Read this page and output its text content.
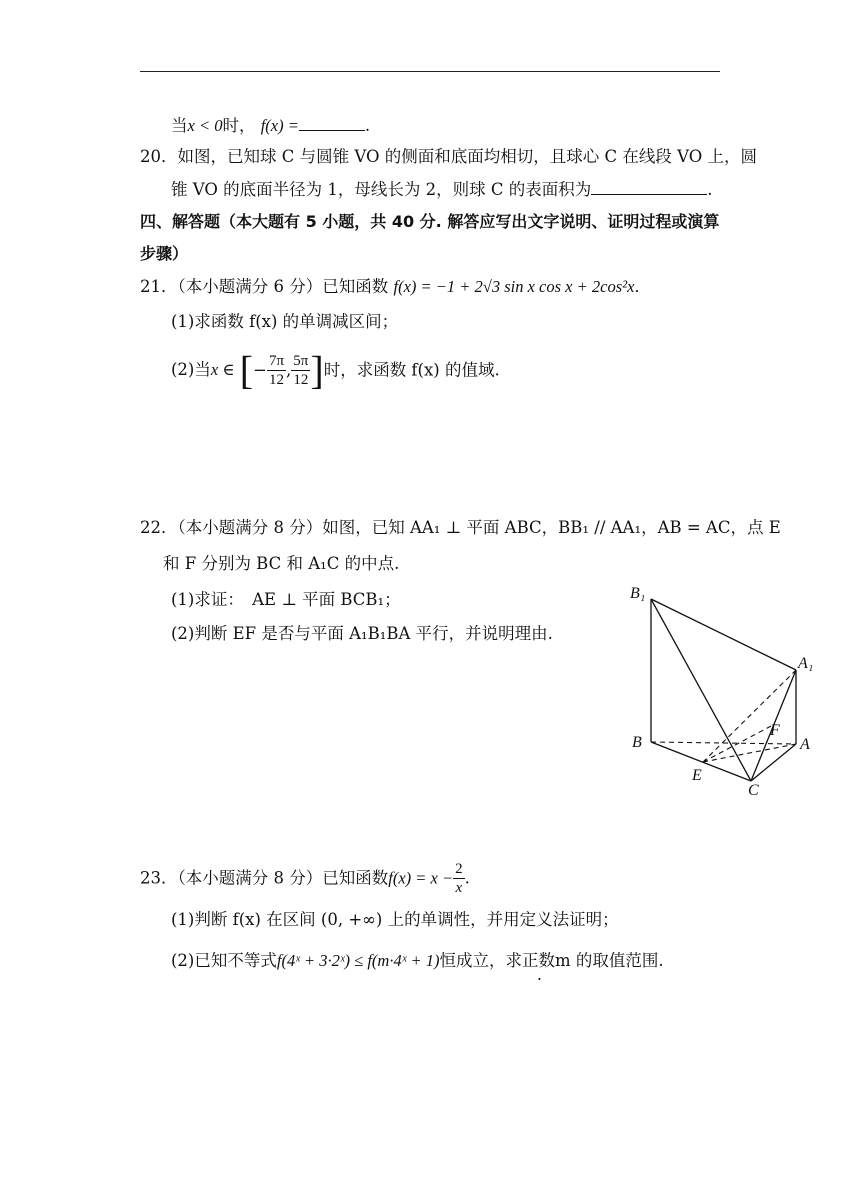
当x < 0时， f(x) =	.
20．如图，已知球 C 与圆锥 VO 的侧面和底面均相切，且球心 C 在线段 VO 上，圆
锥 VO 的底面半径为 1，母线长为 2，则球 C 的表面积为	.
四、解答题（本大题有 5 小题，共 40 分. 解答应写出文字说明、证明过程或演算
步骤）
21．（本小题满分 6 分）已知函数 f(x) = −1 + 2√3 sin x cos x + 2cos²x．
(1)求函数 f(x) 的单调减区间；
(2)当x ∈ [− $\frac{7\pi}{12}$ , $\frac{5\pi}{12}$ ]时，求函数 f(x) 的值域.
22．（本小题满分 8 分）如图，已知 AA₁ ⊥ 平面 ABC，BB₁ // AA₁，AB = AC，点 E
和 F 分别为 BC 和 A₁C 的中点.
(1)求证：　AE ⊥ 平面 BCB₁；
(2)判断 EF 是否与平面 A₁B₁BA 平行，并说明理由.
B₁
A₁
B	A
F
E
C
23．（本小题满分 8 分）已知函数$f(x) = x - \frac{2}{x}$ .
(1)判断 f(x) 在区间 (0, +∞) 上的单调性，并用定义法证明；
(2)已知不等式f(4ˣ + 3·2ˣ) ≤ f(m·4ˣ + 1)恒成立，求正数m 的取值范围.
